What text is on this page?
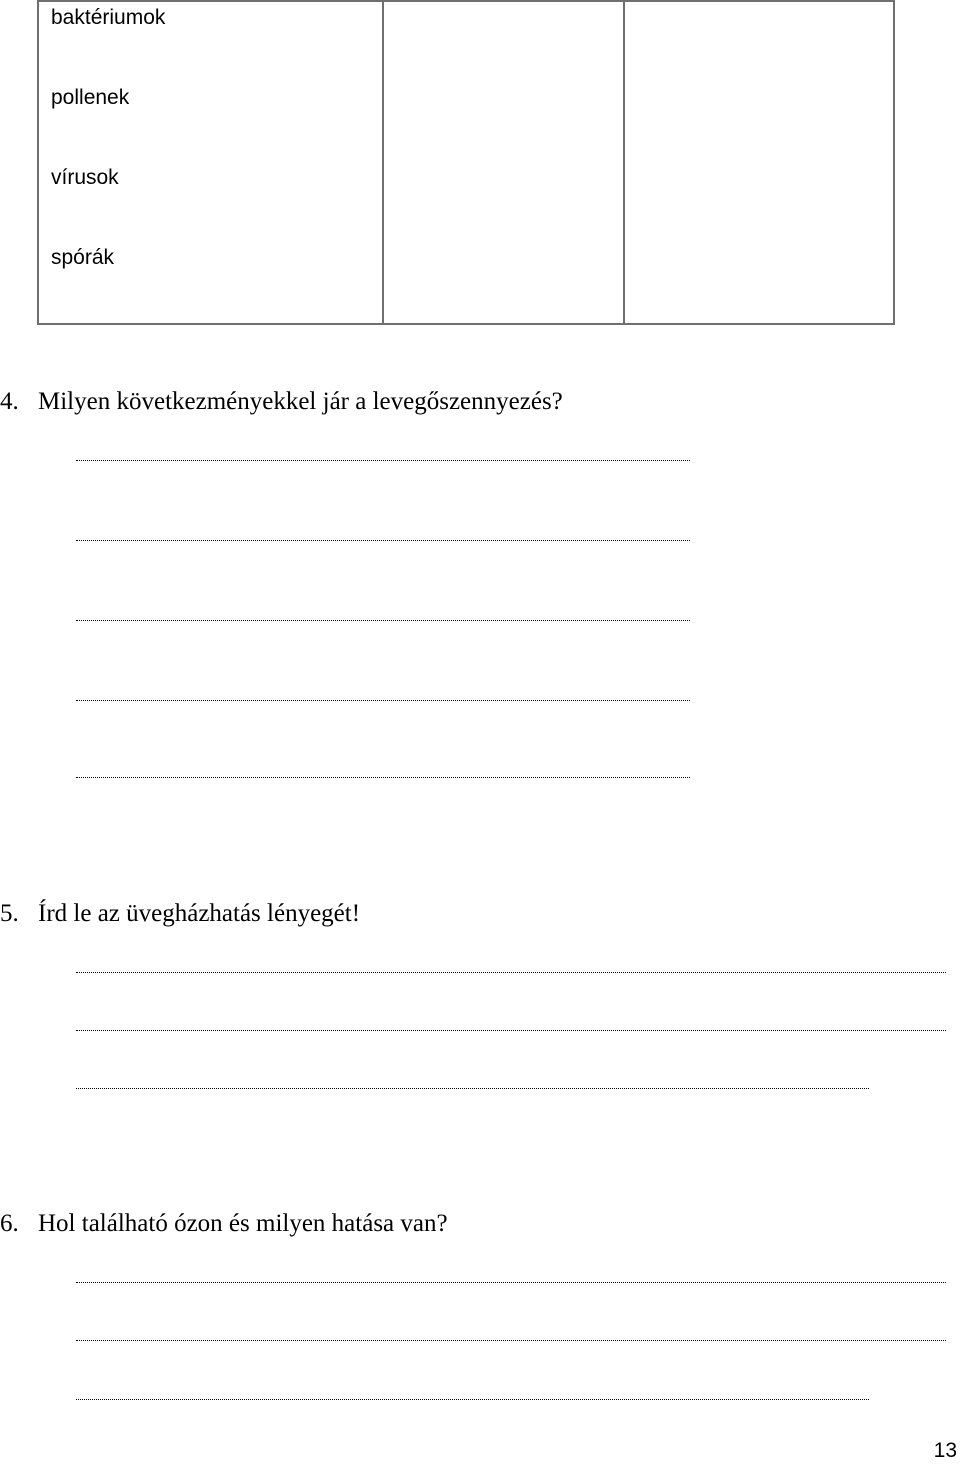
baktériumok
pollenek
vírusok
spórák
4. Milyen következményekkel jár a levegőszennyezés?
5. Írd le az üvegházhatás lényegét!
6. Hol található ózon és milyen hatása van?
13
